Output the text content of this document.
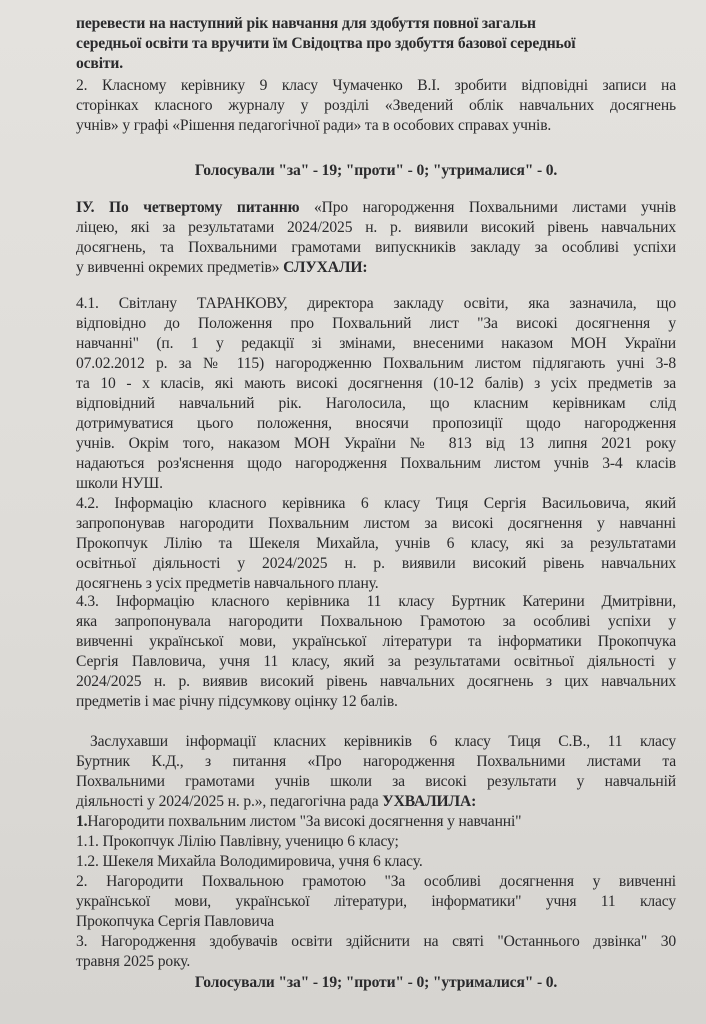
перевести на наступний рік навчання для здобуття повної загальн

середньої освіти та вручити їм Свідоцтва про здобуття базової середньої

освіти.

2. Класному керівнику 9 класу Чумаченко В.І. зробити відповідні записи на

сторінках класного журналу у розділі «Зведений облік навчальних досягнень

учнів» у графі «Рішення педагогічної ради» та в особових справах учнів.

Голосували "за" - 19; "проти" - 0; "утрималися" - 0.

ІУ. По четвертому питанню «Про нагородження Похвальними листами учнів

ліцею, які за результатами 2024/2025 н. р. виявили високий рівень навчальних

досягнень, та Похвальними грамотами випускників закладу за особливі успіхи

у вивченні окремих предметів» СЛУХАЛИ:

4.1. Світлану ТАРАНКОВУ, директора закладу освіти, яка зазначила, що

відповідно до Положення про Похвальний лист "За високі досягнення у

навчанні" (п. 1 у редакції зі змінами, внесеними наказом МОН України

07.02.2012 р. за № 115) нагородженню Похвальним листом підлягають учні 3-8

та 10 - х класів, які мають високі досягнення (10-12 балів) з усіх предметів за

відповідний навчальний рік. Наголосила, що класним керівникам слід

дотримуватися цього положення, вносячи пропозиції щодо нагородження

учнів. Окрім того, наказом МОН України № 813 від 13 липня 2021 року

надаються роз'яснення щодо нагородження Похвальним листом учнів 3-4 класів

школи НУШ.

4.2. Інформацію класного керівника 6 класу Тиця Сергія Васильовича, який

запропонував нагородити Похвальним листом за високі досягнення у навчанні

Прокопчук Лілію та Шекеля Михайла, учнів 6 класу, які за результатами

освітньої діяльності у 2024/2025 н. р. виявили високий рівень навчальних

досягнень з усіх предметів навчального плану.

4.3. Інформацію класного керівника 11 класу Буртник Катерини Дмитрівни,

яка запропонувала нагородити Похвальною Грамотою за особливі успіхи у

вивченні української мови, української літератури та інформатики Прокопчука

Сергія Павловича, учня 11 класу, який за результатами освітньої діяльності у

2024/2025 н. р. виявив високий рівень навчальних досягнень з цих навчальних

предметів і має річну підсумкову оцінку 12 балів.

Заслухавши інформації класних керівників 6 класу Тиця С.В., 11 класу

Буртник К.Д., з питання «Про нагородження Похвальними листами та

Похвальними грамотами учнів школи за високі результати у навчальній

діяльності у 2024/2025 н. р.», педагогічна рада УХВАЛИЛА:

1.Нагородити похвальним листом "За високі досягнення у навчанні"

1.1. Прокопчук Лілію Павлівну, ученицю 6 класу;

1.2. Шекеля Михайла Володимировича, учня 6 класу.

2. Нагородити Похвальною грамотою "За особливі досягнення у вивченні

української мови, української літератури, інформатики" учня 11 класу

Прокопчука Сергія Павловича

3. Нагородження здобувачів освіти здійснити на святі "Останнього дзвінка" 30

травня 2025 року.

Голосували "за" - 19; "проти" - 0; "утрималися" - 0.
